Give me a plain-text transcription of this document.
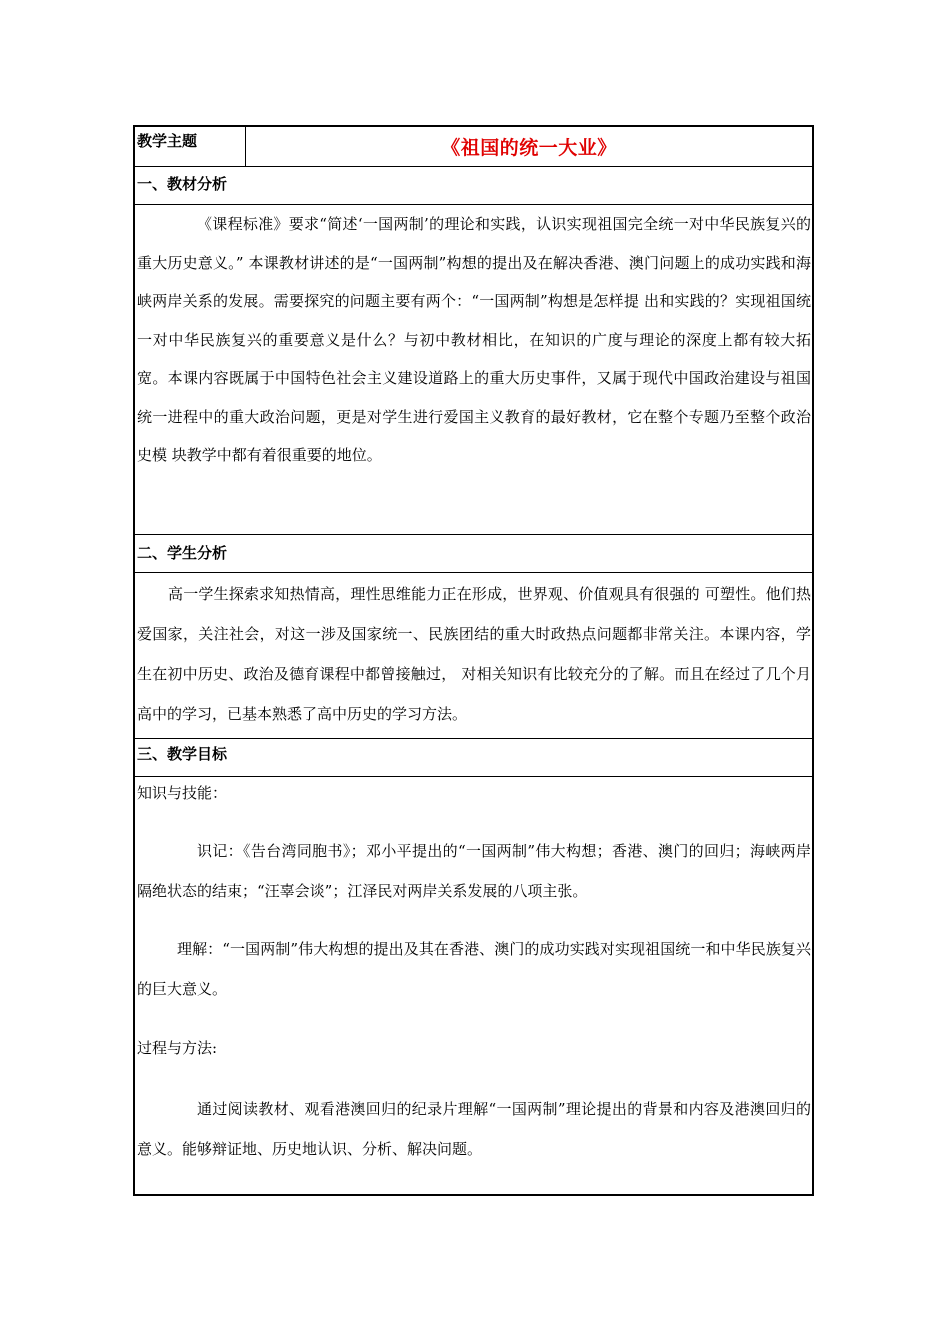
教学主题	《祖国的统一大业》
一、教材分析
《课程标准》要求“简述‘一国两制’的理论和实践，认识实现祖国完全统一对中华民族复兴的重大历史意义。” 本课教材讲述的是“一国两制”构想的提出及在解决香港、澳门问题上的成功实践和海峡两岸关系的发展。需要探究的问题主要有两个：“一国两制”构想是怎样提 出和实践的？实现祖国统一对中华民族复兴的重要意义是什么？与初中教材相比，在知识的广度与理论的深度上都有较大拓宽。本课内容既属于中国特色社会主义建设道路上的重大历史事件，又属于现代中国政治建设与祖国统一进程中的重大政治问题，更是对学生进行爱国主义教育的最好教材，它在整个专题乃至整个政治史模 块教学中都有着很重要的地位。
二、学生分析
高一学生探索求知热情高，理性思维能力正在形成，世界观、价值观具有很强的 可塑性。他们热爱国家，关注社会，对这一涉及国家统一、民族团结的重大时政热点问题都非常关注。本课内容，学生在初中历史、政治及德育课程中都曾接触过， 对相关知识有比较充分的了解。而且在经过了几个月高中的学习，已基本熟悉了高中历史的学习方法。
三、教学目标
知识与技能：
识记：《告台湾同胞书》；邓小平提出的“一国两制”伟大构想；香港、澳门的回归；海峡两岸隔绝状态的结束；“汪辜会谈”；江泽民对两岸关系发展的八项主张。
理解：“一国两制”伟大构想的提出及其在香港、澳门的成功实践对实现祖国统一和中华民族复兴的巨大意义。
过程与方法:
通过阅读教材、观看港澳回归的纪录片理解“一国两制”理论提出的背景和内容及港澳回归的意义。能够辩证地、历史地认识、分析、解决问题。
